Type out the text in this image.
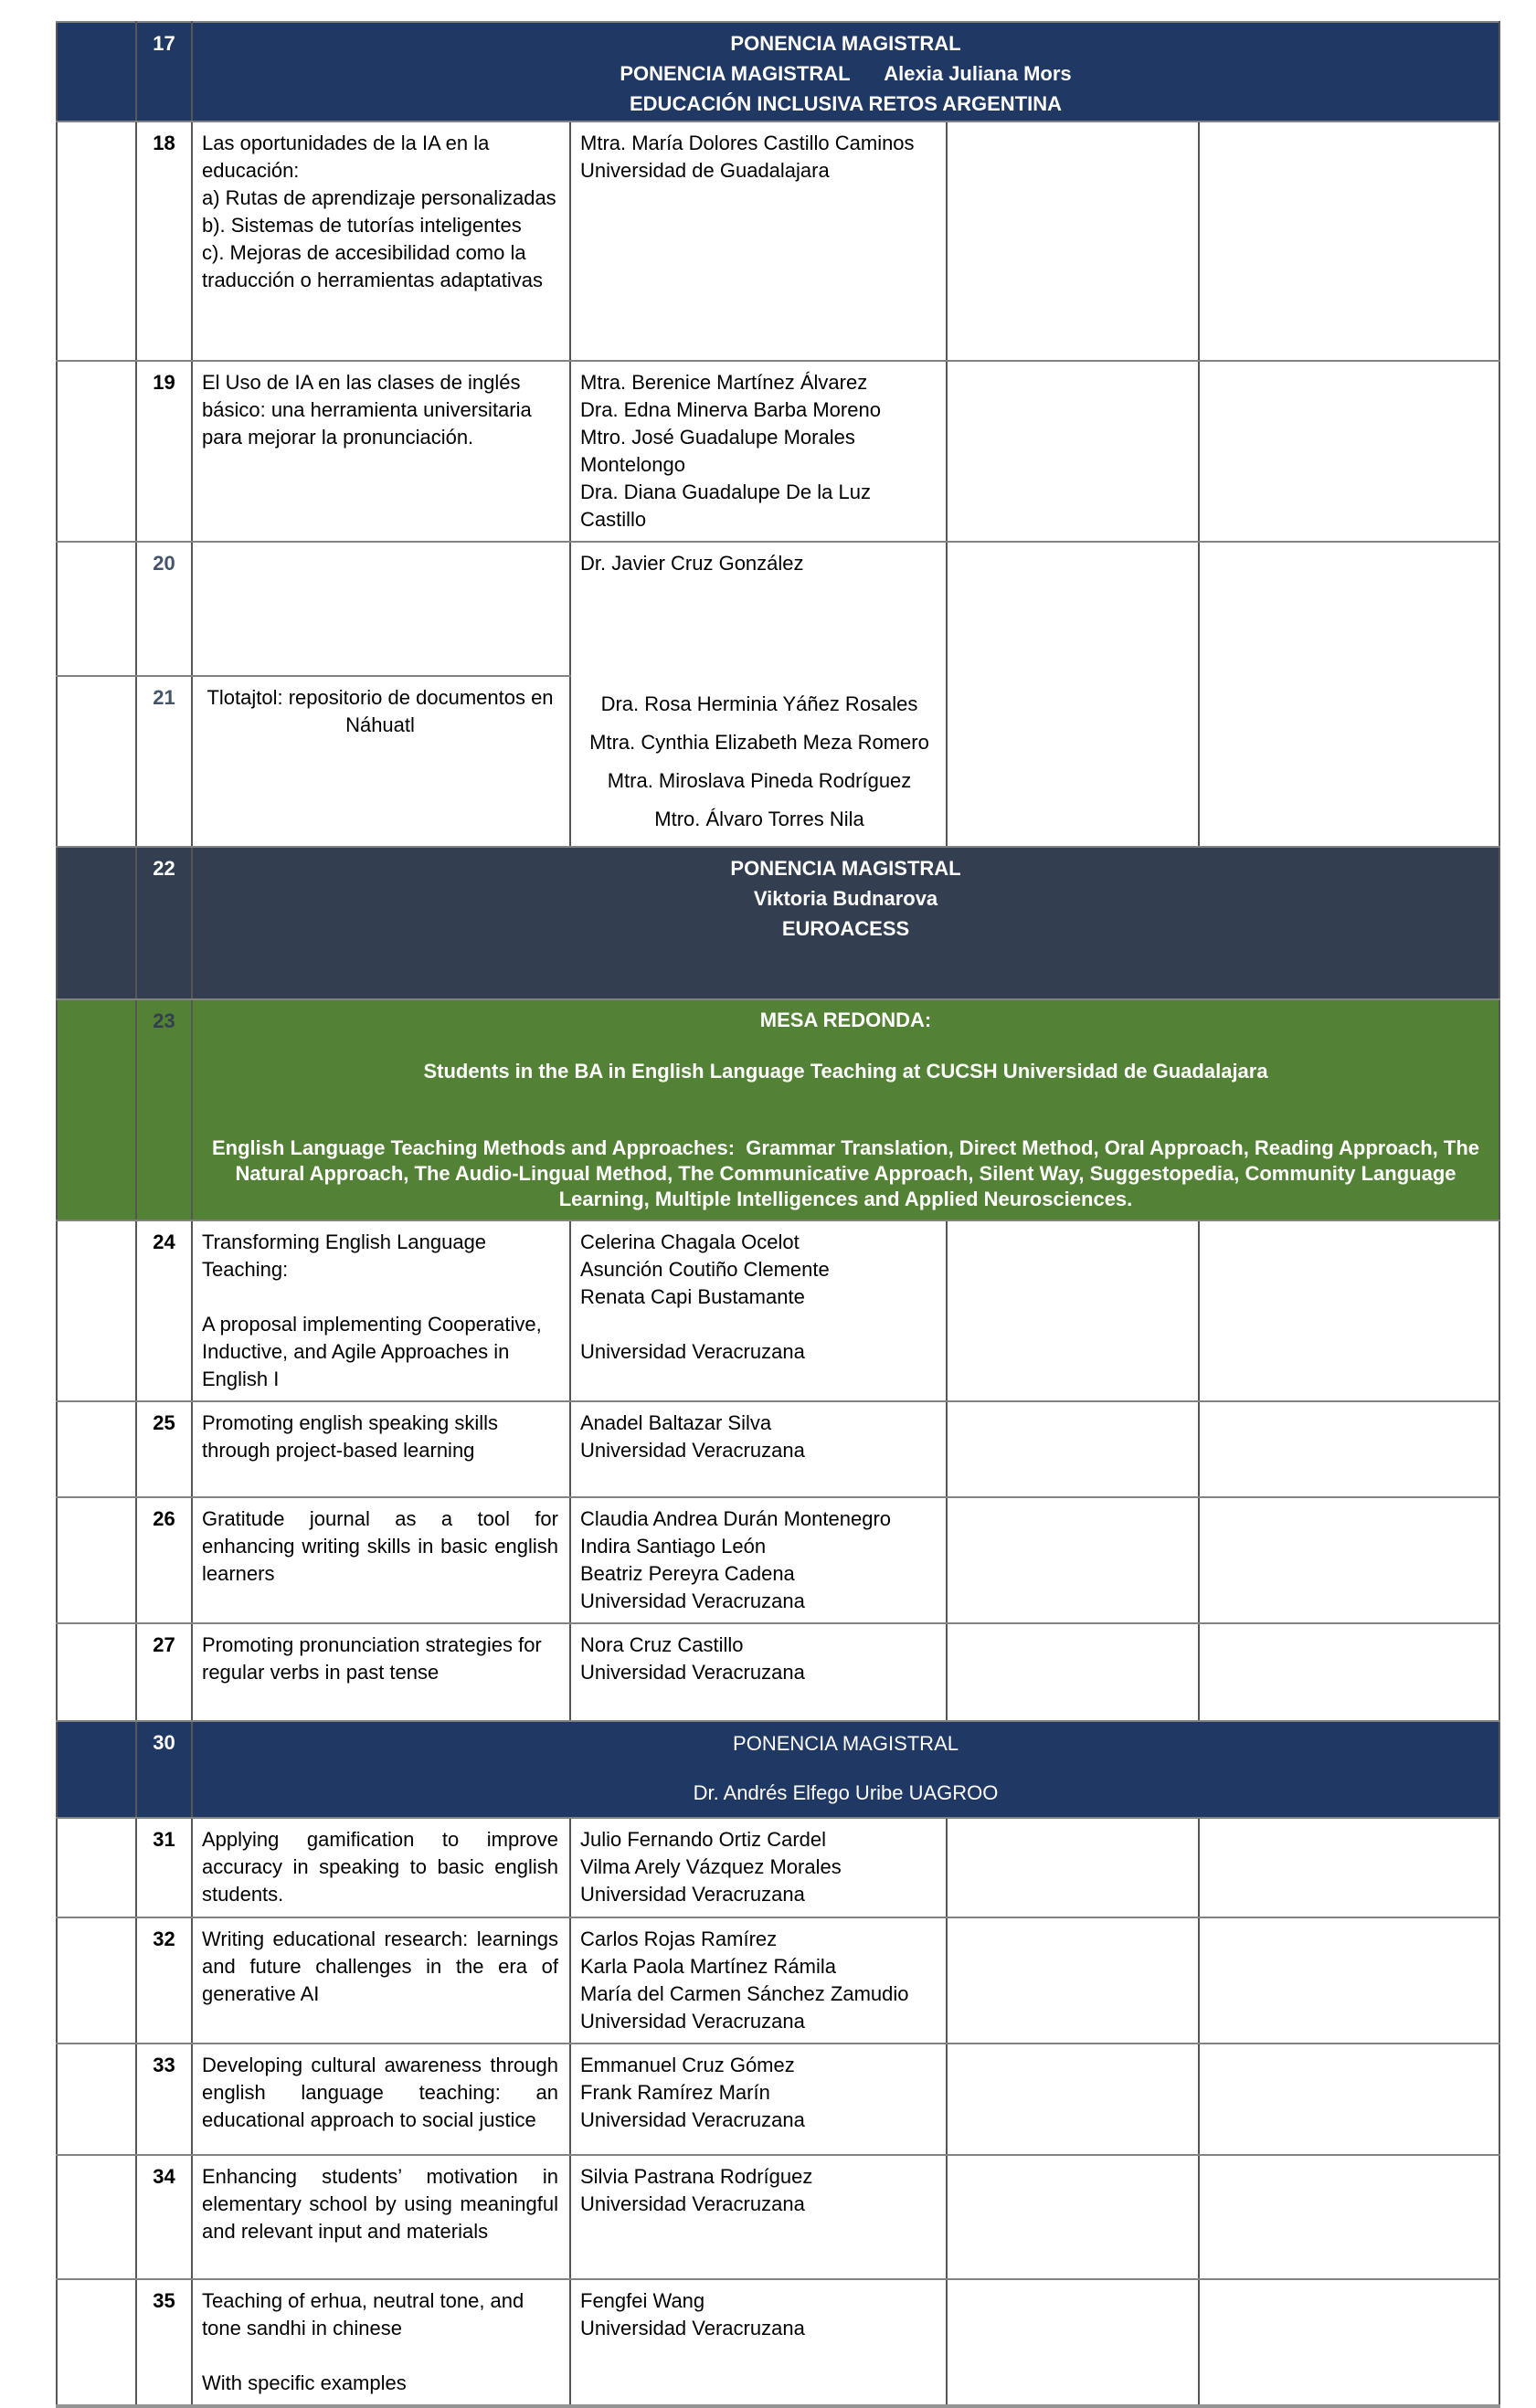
	17	PONENCIA MAGISTRAL
PONENCIA MAGISTRAL      Alexia Juliana Mors
EDUCACIÓN INCLUSIVA RETOS ARGENTINA			
	18	Las oportunidades de la IA en la educación:
a) Rutas de aprendizaje personalizadas
b). Sistemas de tutorías inteligentes
c). Mejoras de accesibilidad como la traducción o herramientas adaptativas	Mtra. María Dolores Castillo Caminos
Universidad de Guadalajara		
	19	El Uso de IA en las clases de inglés básico: una herramienta universitaria para mejorar la pronunciación.	Mtra. Berenice Martínez Álvarez
Dra. Edna Minerva Barba Moreno
Mtro. José Guadalupe Morales Montelongo
Dra. Diana Guadalupe De la Luz Castillo		
	20		Dr. Javier Cruz González		
	21	Tlotajtol: repositorio de documentos en Náhuatl	Dra. Rosa Herminia Yáñez Rosales
Mtra. Cynthia Elizabeth Meza Romero
Mtra. Miroslava Pineda Rodríguez
Mtro. Álvaro Torres Nila		
	22	PONENCIA MAGISTRAL
Viktoria Budnarova
EUROACESS			
	23	MESA REDONDA:

Students in the BA in English Language Teaching at CUCSH Universidad de Guadalajara

English Language Teaching Methods and Approaches:  Grammar Translation, Direct Method, Oral Approach, Reading Approach, The Natural Approach, The Audio-Lingual Method, The Communicative Approach, Silent Way, Suggestopedia, Community Language Learning, Multiple Intelligences and Applied Neurosciences.			
	24	Transforming English Language Teaching:

A proposal implementing Cooperative, Inductive, and Agile Approaches in English I	Celerina Chagala Ocelot
Asunción Coutiño Clemente
Renata Capi Bustamante

Universidad Veracruzana		
	25	Promoting english speaking skills through project-based learning	Anadel Baltazar Silva
Universidad Veracruzana		
	26	Gratitude journal as a tool for enhancing writing skills in basic english learners	Claudia Andrea Durán Montenegro
Indira Santiago León
Beatriz Pereyra Cadena
Universidad Veracruzana		
	27	Promoting pronunciation strategies for regular verbs in past tense	Nora Cruz Castillo
Universidad Veracruzana		
	30	PONENCIA MAGISTRAL

Dr. Andrés Elfego Uribe UAGROO			
	31	Applying gamification to improve accuracy in speaking to basic english students.	Julio Fernando Ortiz Cardel
Vilma Arely Vázquez Morales
Universidad Veracruzana		
	32	Writing educational research: learnings and future challenges in the era of generative AI	Carlos Rojas Ramírez
Karla Paola Martínez Rámila
María del Carmen Sánchez Zamudio
Universidad Veracruzana		
	33	Developing cultural awareness through english language teaching: an educational approach to social justice	Emmanuel Cruz Gómez
Frank Ramírez Marín
Universidad Veracruzana		
	34	Enhancing students’ motivation in elementary school by using meaningful and relevant input and materials	Silvia Pastrana Rodríguez
Universidad Veracruzana		
	35	Teaching of erhua, neutral tone, and tone sandhi in chinese

With specific examples	Fengfei Wang
Universidad Veracruzana		
